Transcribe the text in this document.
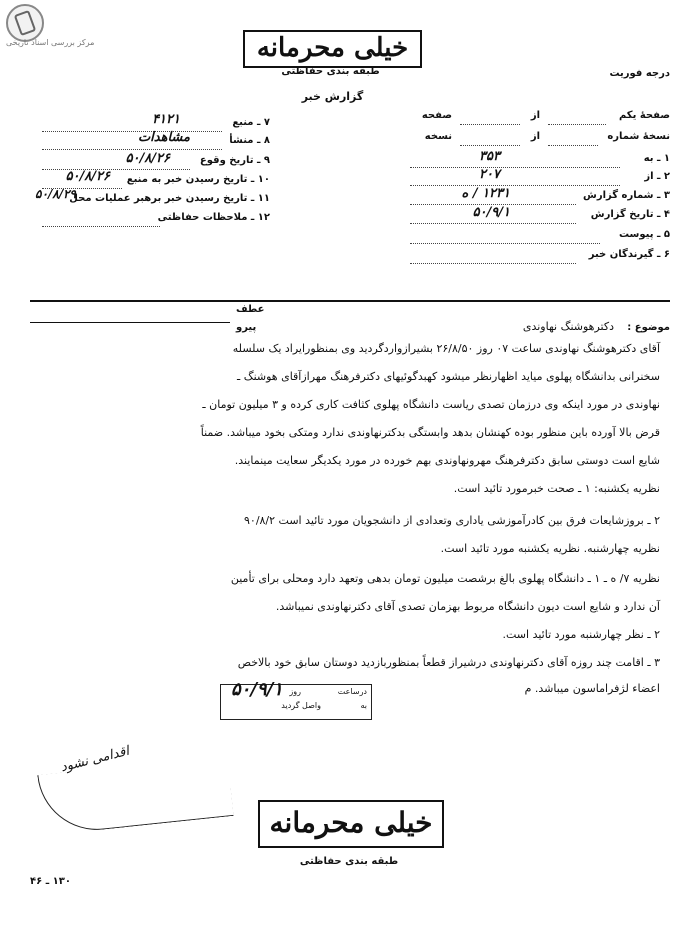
مرکز بررسی اسناد تاریخی	خیلی محرمانه
طبقه بندی حفاظتی	درجه فوریت
گزارش خبر
صفحهٔ یکم
از
صفحه
نسخهٔ شماره
از
نسخه
۱ ـ به
۳۵۳
۲ ـ از
۲۰۷
۳ ـ شماره گزارش
۱۲۳۱ / ه
۴ ـ تاریخ گزارش
۵۰/۹/۱
۵ ـ پیوست
۶ ـ گیرندگان خبر
۷ ـ منبع
۴۱۲۱
۸ ـ منشأ
مشاهدات
۹ ـ تاریخ وقوع
۵۰/۸/۲۶
۱۰ ـ تاریخ رسیدن خبر به منبع
۵۰/۸/۲۶
۱۱ ـ تاریخ رسیدن خبر برهبر عملیات محل
۵۰/۸/۲۹
۱۲ ـ ملاحظات حفاظتی
موضوع :
دکترهوشنگ نهاوندی
عطف
پیرو
آقای دکترهوشنگ نهاوندی ساعت ۰۷ روز ۲۶/۸/۵۰ بشیرازواردگردید وی بمنظورایراد یک سلسله
سخنرانی بدانشگاه پهلوی میاید اظهارنظر میشود کهبدگوئیهای دکترفرهنگ مهرازآقای هوشنگ ـ
نهاوندی در مورد اینکه وی درزمان تصدی ریاست دانشگاه پهلوی کثافت کاری کرده و ۳ میلیون تومان ـ
قرض بالا آورده باین منظور بوده کهنشان بدهد وابستگی بدکترنهاوندی ندارد ومتکی بخود میباشد. ضمناً
شایع است دوستی سابق دکترفرهنگ مهرونهاوندی بهم خورده در مورد یکدیگر سعایت مینمایند.
نظریه یکشنبه: ۱ ـ صحت خبرمورد تائید است.
۲ ـ بروزشایعات فرق بین کادرآموزشی یاداری وتعدادی از دانشجویان مورد تائید است ۹۰/۸/۲
نظریه چهارشنبه. نظریه یکشنبه مورد تائید است.
نظریه ۷/ ه ـ ۱ ـ دانشگاه پهلوی بالغ برشصت میلیون تومان بدهی وتعهد دارد ومحلی برای تأمین
آن ندارد و شایع است دیون دانشگاه مربوط بهزمان تصدی آقای دکترنهاوندی نمیباشد.
۲ ـ نظر چهارشنبه مورد تائید است.
۳ ـ اقامت چند روزه آقای دکترنهاوندی درشیراز قطعاً بمنظوربازدید دوستان سابق خود بالاخص
اعضاء لژفراماسون میباشد. م
درساعت
روز
به
واصل گردید
۵۰/۹/۱
اقدامی نشود
خیلی محرمانه
طبقه بندی حفاظتی
۱۳۰ ـ ۴۶
